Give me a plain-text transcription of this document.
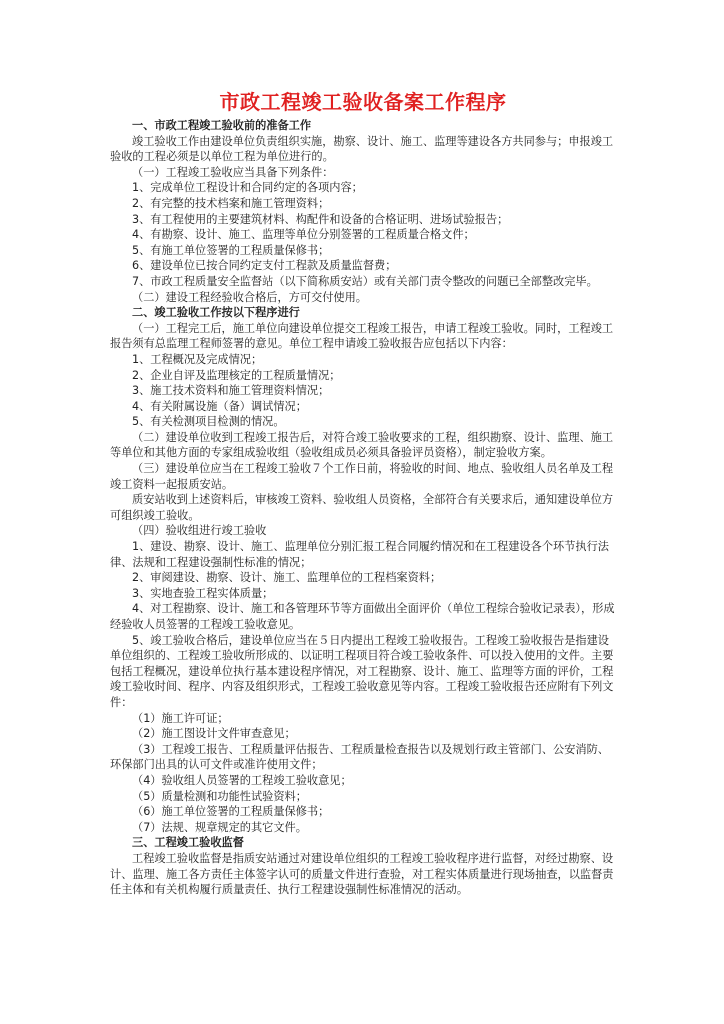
市政工程竣工验收备案工作程序

一、市政工程竣工验收前的准备工作

竣工验收工作由建设单位负责组织实施，勘察、设计、施工、监理等建设各方共同参与；申报竣工验收的工程必须是以单位工程为单位进行的。

（一）工程竣工验收应当具备下列条件：

1、完成单位工程设计和合同约定的各项内容；

2、有完整的技术档案和施工管理资料；

3、有工程使用的主要建筑材料、构配件和设备的合格证明、进场试验报告；

4、有勘察、设计、施工、监理等单位分别签署的工程质量合格文件；

5、有施工单位签署的工程质量保修书；

6、建设单位已按合同约定支付工程款及质量监督费；

7、市政工程质量安全监督站（以下简称质安站）或有关部门责令整改的问题已全部整改完毕。

（二）建设工程经验收合格后，方可交付使用。

二、竣工验收工作按以下程序进行

（一）工程完工后，施工单位向建设单位提交工程竣工报告，申请工程竣工验收。同时，工程竣工报告须有总监理工程师签署的意见。单位工程申请竣工验收报告应包括以下内容：

1、工程概况及完成情况；

2、企业自评及监理核定的工程质量情况；

3、施工技术资料和施工管理资料情况；

4、有关附属设施（备）调试情况；

5、有关检测项目检测的情况。

（二）建设单位收到工程竣工报告后，对符合竣工验收要求的工程，组织勘察、设计、监理、施工等单位和其他方面的专家组成验收组（验收组成员必须具备验评员资格），制定验收方案。

（三）建设单位应当在工程竣工验收７个工作日前，将验收的时间、地点、验收组人员名单及工程竣工资料一起报质安站。

质安站收到上述资料后，审核竣工资料、验收组人员资格，全部符合有关要求后，通知建设单位方可组织竣工验收。

（四）验收组进行竣工验收

1、建设、勘察、设计、施工、监理单位分别汇报工程合同履约情况和在工程建设各个环节执行法律、法规和工程建设强制性标准的情况；

2、审阅建设、勘察、设计、施工、监理单位的工程档案资料；

3、实地查验工程实体质量；

4、对工程勘察、设计、施工和各管理环节等方面做出全面评价（单位工程综合验收记录表），形成经验收人员签署的工程竣工验收意见。

5、竣工验收合格后，建设单位应当在５日内提出工程竣工验收报告。工程竣工验收报告是指建设单位组织的、工程竣工验收所形成的、以证明工程项目符合竣工验收条件、可以投入使用的文件。主要包括工程概况，建设单位执行基本建设程序情况，对工程勘察、设计、施工、监理等方面的评价，工程竣工验收时间、程序、内容及组织形式，工程竣工验收意见等内容。工程竣工验收报告还应附有下列文件：

（1）施工许可证；

（2）施工图设计文件审查意见；

（3）工程竣工报告、工程质量评估报告、工程质量检查报告以及规划行政主管部门、公安消防、环保部门出具的认可文件或准许使用文件；

（4）验收组人员签署的工程竣工验收意见；

（5）质量检测和功能性试验资料；

（6）施工单位签署的工程质量保修书；

（7）法规、规章规定的其它文件。

三、工程竣工验收监督

工程竣工验收监督是指质安站通过对建设单位组织的工程竣工验收程序进行监督，对经过勘察、设计、监理、施工各方责任主体签字认可的质量文件进行查验，对工程实体质量进行现场抽查，以监督责任主体和有关机构履行质量责任、执行工程建设强制性标准情况的活动。
